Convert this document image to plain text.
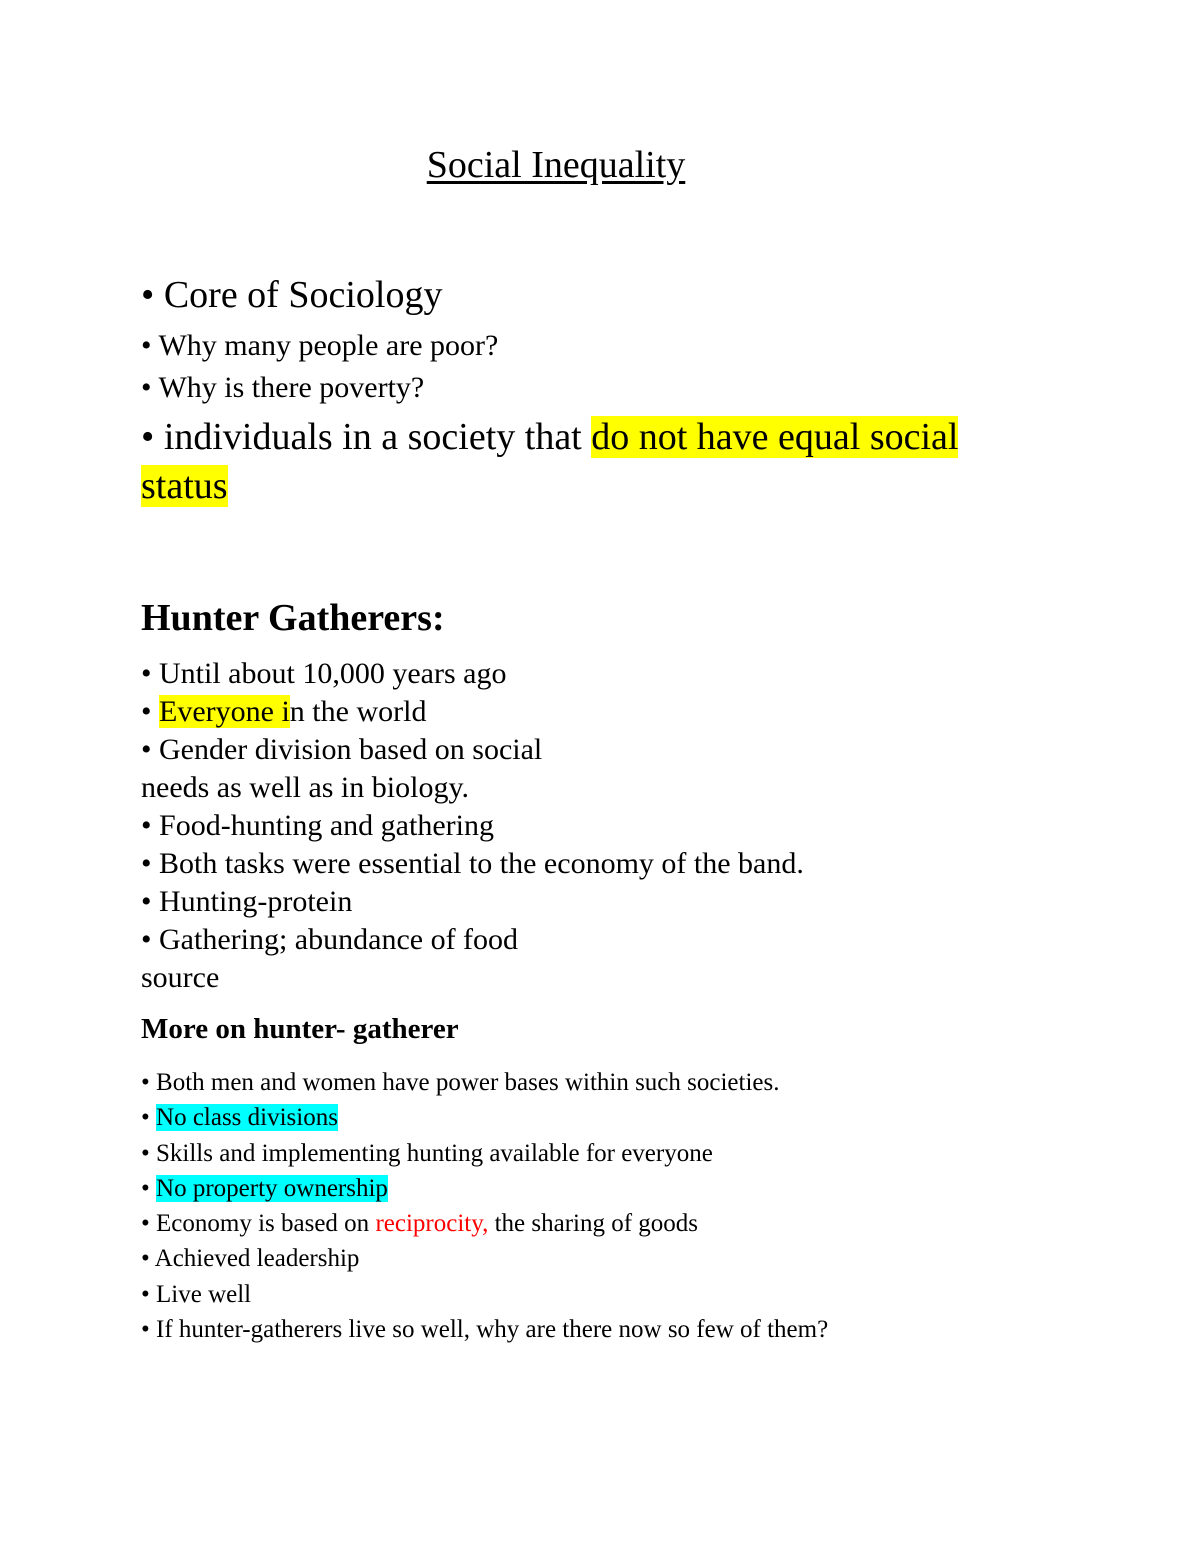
Social Inequality
• Core of Sociology
• Why many people are poor?
• Why is there poverty?
• individuals in a society that do not have equal social
status
Hunter Gatherers:
• Until about 10,000 years ago
• Everyone in the world
• Gender division based on social
needs as well as in biology.
• Food-hunting and gathering
• Both tasks were essential to the economy of the band.
• Hunting-protein
• Gathering; abundance of food
source
More on hunter- gatherer
• Both men and women have power bases within such societies.
• No class divisions
• Skills and implementing hunting available for everyone
• No property ownership
• Economy is based on reciprocity, the sharing of goods
• Achieved leadership
• Live well
• If hunter-gatherers live so well, why are there now so few of them?
